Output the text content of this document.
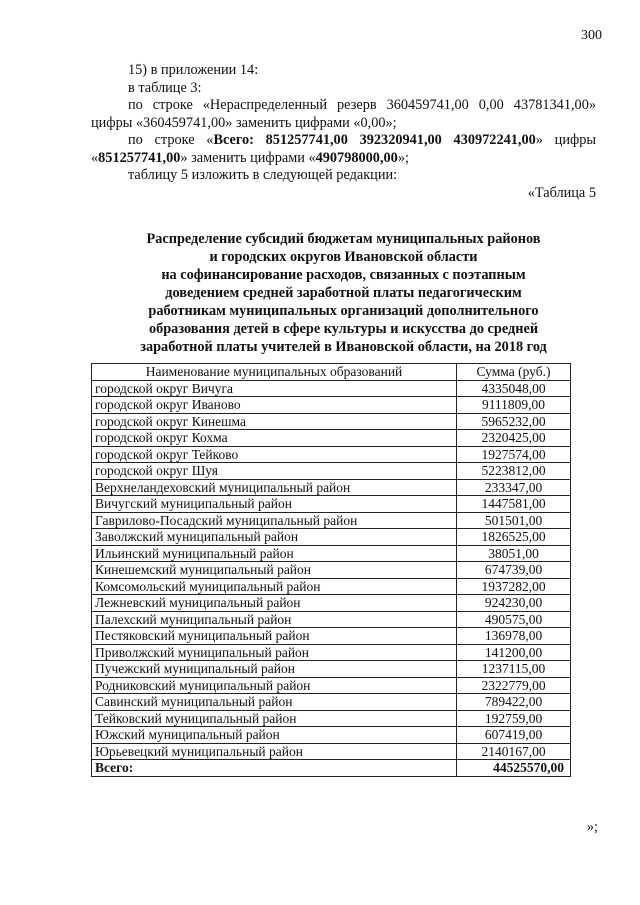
300

15) в приложении 14:

в таблице 3:

по строке «Нераспределенный резерв 360459741,00 0,00 43781341,00»

цифры «360459741,00» заменить цифрами «0,00»;

по строке «Всего: 851257741,00 392320941,00 430972241,00» цифры

«851257741,00» заменить цифрами «490798000,00»;

таблицу 5 изложить в следующей редакции:

«Таблица 5

Распределение субсидий бюджетам муниципальных районов
и городских округов Ивановской области
на софинансирование расходов, связанных с поэтапным
доведением средней заработной платы педагогическим
работникам муниципальных организаций дополнительного
образования детей в сфере культуры и искусства до средней
заработной платы учителей в Ивановской области, на 2018 год
Наименование муниципальных образований	Сумма (руб.)
городской округ Вичуга	4335048,00
городской округ Иваново	9111809,00
городской округ Кинешма	5965232,00
городской округ Кохма	2320425,00
городской округ Тейково	1927574,00
городской округ Шуя	5223812,00
Верхнеландеховский муниципальный район	233347,00
Вичугский муниципальный район	1447581,00
Гаврилово-Посадский муниципальный район	501501,00
Заволжский муниципальный район	1826525,00
Ильинский муниципальный район	38051,00
Кинешемский муниципальный район	674739,00
Комсомольский муниципальный район	1937282,00
Лежневский муниципальный район	924230,00
Палехский муниципальный район	490575,00
Пестяковский муниципальный район	136978,00
Приволжский муниципальный район	141200,00
Пучежский муниципальный район	1237115,00
Родниковский муниципальный район	2322779,00
Савинский муниципальный район	789422,00
Тейковский муниципальный район	192759,00
Южский муниципальный район	607419,00
Юрьевецкий муниципальный район	2140167,00
Всего:	44525570,00
»;
